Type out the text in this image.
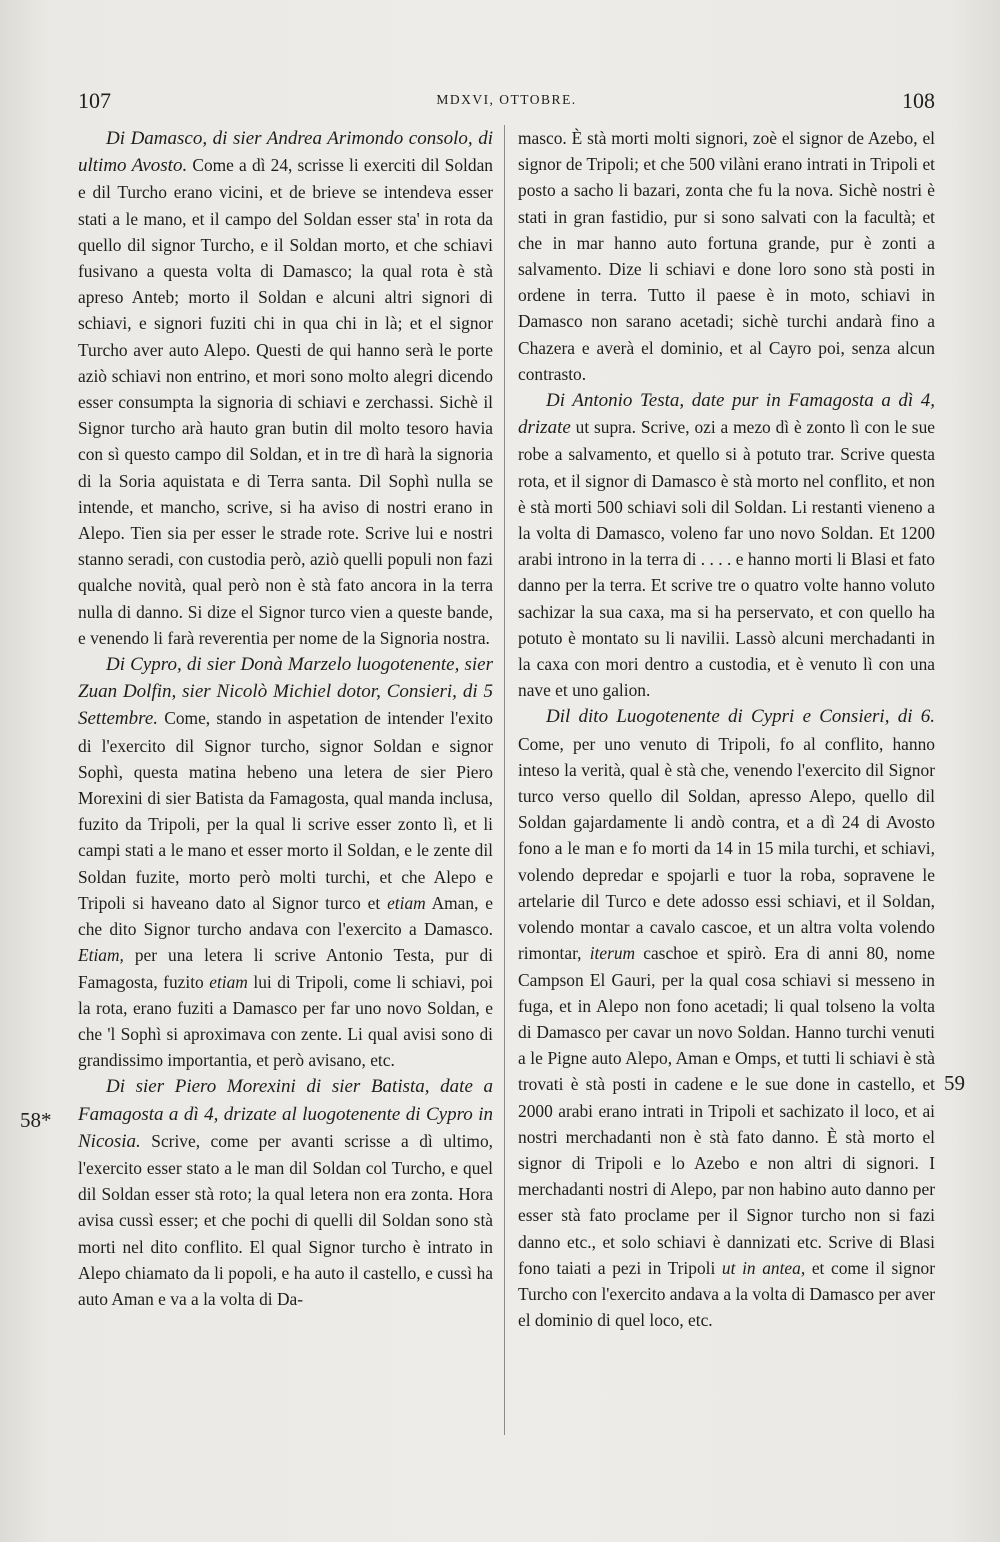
107	MDXVI, OTTOBRE.	108

Di Damasco, di sier Andrea Arimondo consolo, di ultimo Avosto. Come a dì 24, scrisse li exerciti dil Soldan e dil Turcho erano vicini, et de brieve se intendeva esser stati a le mano, et il campo del Soldan esser sta' in rota da quello dil signor Turcho, e il Soldan morto, et che schiavi fusivano a questa volta di Damasco; la qual rota è stà apreso Anteb; morto il Soldan e alcuni altri signori di schiavi, e signori fuziti chi in qua chi in là; et el signor Turcho aver auto Alepo. Questi de qui hanno serà le porte aziò schiavi non entrino, et mori sono molto alegri dicendo esser consumpta la signoria di schiavi e zerchassi. Sichè il Signor turcho arà hauto gran butin dil molto tesoro havia con sì questo campo dil Soldan, et in tre dì harà la signoria di la Soria aquistata e di Terra santa. Dil Sophì nulla se intende, et mancho, scrive, si ha aviso di nostri erano in Alepo. Tien sia per esser le strade rote. Scrive lui e nostri stanno seradi, con custodia però, aziò quelli populi non fazi qualche novità, qual però non è stà fato ancora in la terra nulla di danno. Si dize el Signor turco vien a queste bande, e venendo li farà reverentia per nome de la Signoria nostra.

Di Cypro, di sier Donà Marzelo luogotenente, sier Zuan Dolfin, sier Nicolò Michiel dotor, Consieri, di 5 Settembre. Come, stando in aspetation de intender l'exito di l'exercito dil Signor turcho, signor Soldan e signor Sophì, questa matina hebeno una letera de sier Piero Morexini di sier Batista da Famagosta, qual manda inclusa, fuzito da Tripoli, per la qual li scrive esser zonto lì, et li campi stati a le mano et esser morto il Soldan, e le zente dil Soldan fuzite, morto però molti turchi, et che Alepo e Tripoli si haveano dato al Signor turco et etiam Aman, e che dito Signor turcho andava con l'exercito a Damasco. Etiam, per una letera li scrive Antonio Testa, pur di Famagosta, fuzito etiam lui di Tripoli, come li schiavi, poi la rota, erano fuziti a Damasco per far uno novo Soldan, e che 'l Sophì si aproximava con zente. Li qual avisi sono di grandissimo importantia, et però avisano, etc.

Di sier Piero Morexini di sier Batista, date a Famagosta a dì 4, drizate al luogotenente di Cypro in Nicosia. Scrive, come per avanti scrisse a dì ultimo, l'exercito esser stato a le man dil Soldan col Turcho, e quel dil Soldan esser stà roto; la qual letera non era zonta. Hora avisa cussì esser; et che pochi di quelli dil Soldan sono stà morti nel dito conflito. El qual Signor turcho è intrato in Alepo chiamato da li popoli, e ha auto il castello, e cussì ha auto Aman e va a la volta di Da-

masco. È stà morti molti signori, zoè el signor de Azebo, el signor de Tripoli; et che 500 vilàni erano intrati in Tripoli et posto a sacho li bazari, zonta che fu la nova. Sichè nostri è stati in gran fastidio, pur si sono salvati con la facultà; et che in mar hanno auto fortuna grande, pur è zonti a salvamento. Dize li schiavi e done loro sono stà posti in ordene in terra. Tutto il paese è in moto, schiavi in Damasco non sarano acetadi; sichè turchi andarà fino a Chazera e averà el dominio, et al Cayro poi, senza alcun contrasto.

Di Antonio Testa, date pur in Famagosta a dì 4, drizate ut supra. Scrive, ozi a mezo dì è zonto lì con le sue robe a salvamento, et quello si à potuto trar. Scrive questa rota, et il signor di Damasco è stà morto nel conflito, et non è stà morti 500 schiavi soli dil Soldan. Li restanti vieneno a la volta di Damasco, voleno far uno novo Soldan. Et 1200 arabi introno in la terra di . . . . e hanno morti li Blasi et fato danno per la terra. Et scrive tre o quatro volte hanno voluto sachizar la sua caxa, ma si ha perservato, et con quello ha potuto è montato su li navilii. Lassò alcuni merchadanti in la caxa con mori dentro a custodia, et è venuto lì con una nave et uno galion.

Dil dito Luogotenente di Cypri e Consieri, di 6. Come, per uno venuto di Tripoli, fo al conflito, hanno inteso la verità, qual è stà che, venendo l'exercito dil Signor turco verso quello dil Soldan, apresso Alepo, quello dil Soldan gajardamente li andò contra, et a dì 24 di Avosto fono a le man e fo morti da 14 in 15 mila turchi, et schiavi, volendo depredar e spojarli e tuor la roba, sopravene le artelarie dil Turco e dete adosso essi schiavi, et il Soldan, volendo montar a cavalo cascoe, et un altra volta volendo rimontar, iterum caschoe et spirò. Era di anni 80, nome Campson El Gauri, per la qual cosa schiavi si messeno in fuga, et in Alepo non fono acetadi; li qual tolseno la volta di Damasco per cavar un novo Soldan. Hanno turchi venuti a le Pigne auto Alepo, Aman e Omps, et tutti li schiavi è stà trovati è stà posti in cadene e le sue done in castello, et 2000 arabi erano intrati in Tripoli et sachizato il loco, et ai nostri merchadanti non è stà fato danno. È stà morto el signor di Tripoli e lo Azebo e non altri di signori. I merchadanti nostri di Alepo, par non habino auto danno per esser stà fato proclame per il Signor turcho non si fazi danno etc., et solo schiavi è dannizati etc. Scrive di Blasi fono taiati a pezi in Tripoli ut in antea, et come il signor Turcho con l'exercito andava a la volta di Damasco per aver el dominio di quel loco, etc.

58*
59
